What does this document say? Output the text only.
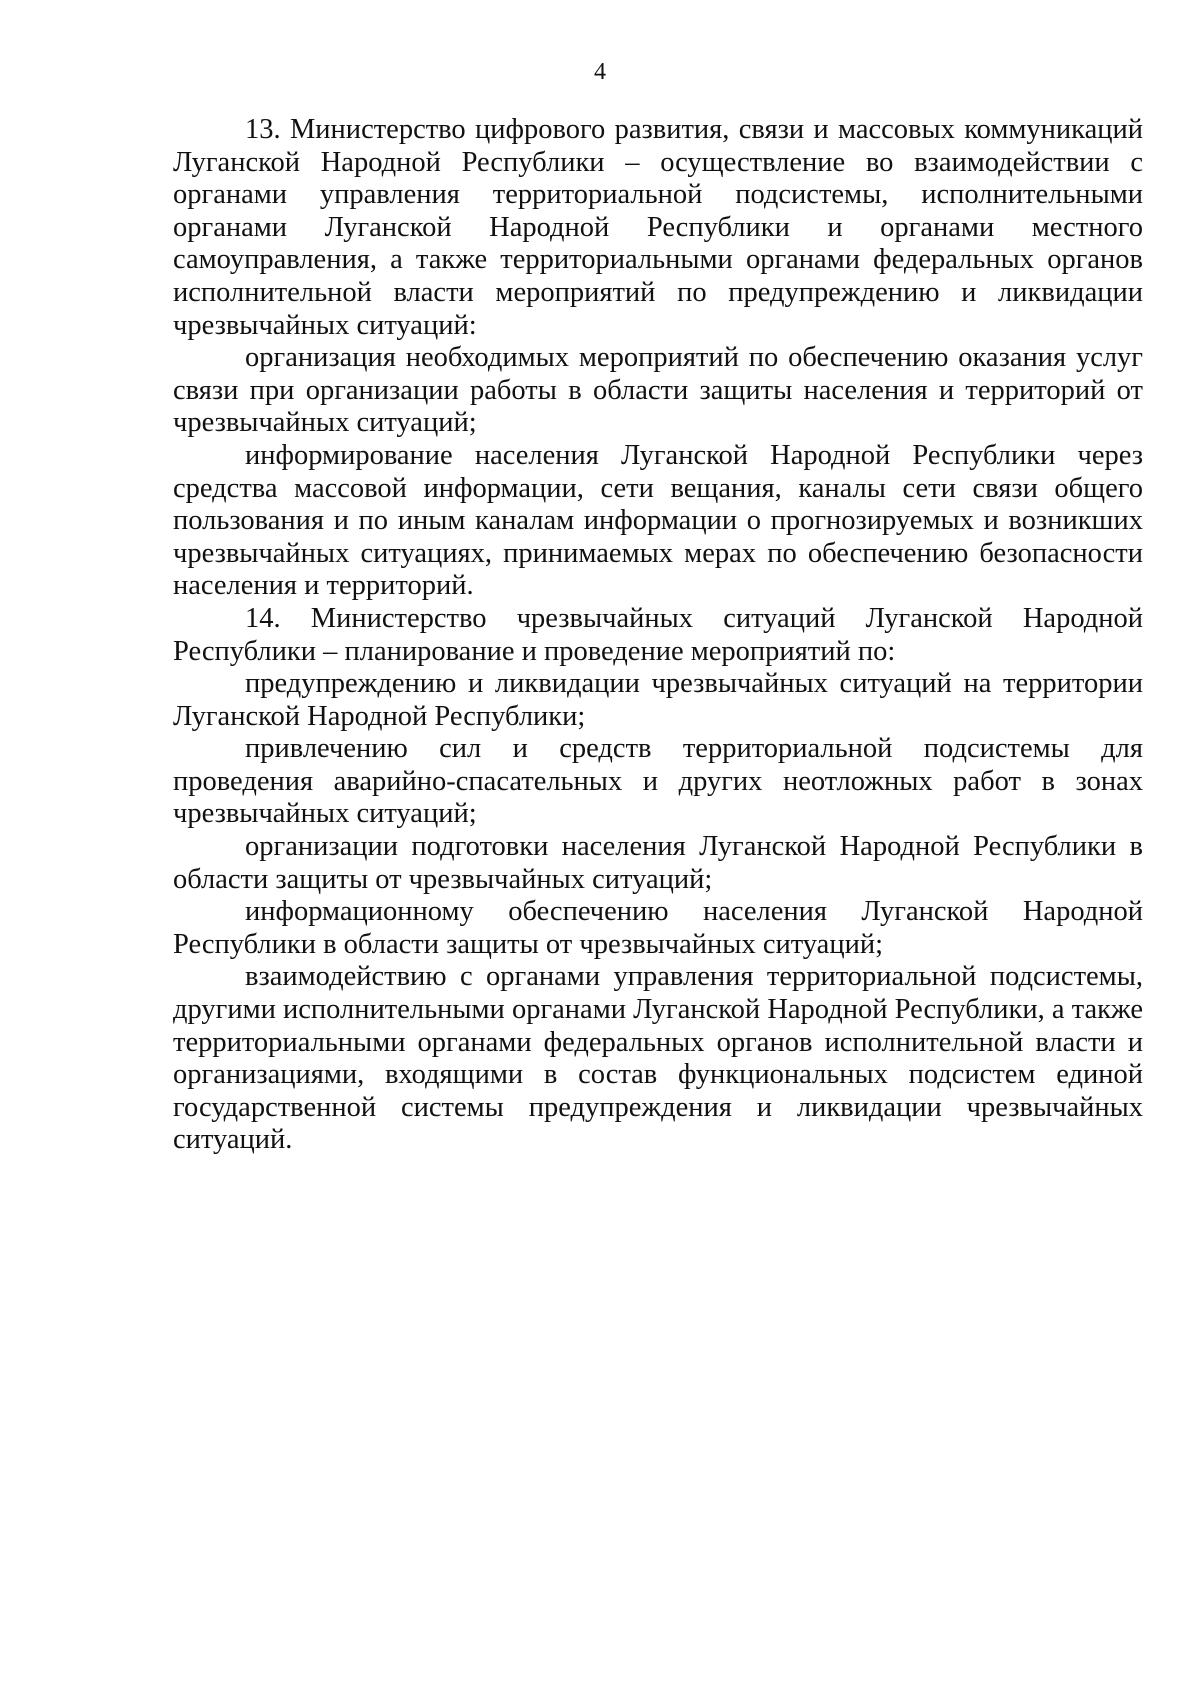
4

13. Министерство цифрового развития, связи и массовых коммуникаций Луганской Народной Республики – осуществление во взаимодействии с органами управления территориальной подсистемы, исполнительными органами Луганской Народной Республики и органами местного самоуправления, а также территориальными органами федеральных органов исполнительной власти мероприятий по предупреждению и ликвидации чрезвычайных ситуаций:

организация необходимых мероприятий по обеспечению оказания услуг связи при организации работы в области защиты населения и территорий от чрезвычайных ситуаций;

информирование населения Луганской Народной Республики через средства массовой информации, сети вещания, каналы сети связи общего пользования и по иным каналам информации о прогнозируемых и возникших чрезвычайных ситуациях, принимаемых мерах по обеспечению безопасности населения и территорий.

14. Министерство чрезвычайных ситуаций Луганской Народной Республики – планирование и проведение мероприятий по:

предупреждению и ликвидации чрезвычайных ситуаций на территории Луганской Народной Республики;

привлечению сил и средств территориальной подсистемы для проведения аварийно-спасательных и других неотложных работ в зонах чрезвычайных ситуаций;

организации подготовки населения Луганской Народной Республики в области защиты от чрезвычайных ситуаций;

информационному обеспечению населения Луганской Народной Республики в области защиты от чрезвычайных ситуаций;

взаимодействию с органами управления территориальной подсистемы, другими исполнительными органами Луганской Народной Республики, а также территориальными органами федеральных органов исполнительной власти и организациями, входящими в состав функциональных подсистем единой государственной системы предупреждения и ликвидации чрезвычайных ситуаций.
